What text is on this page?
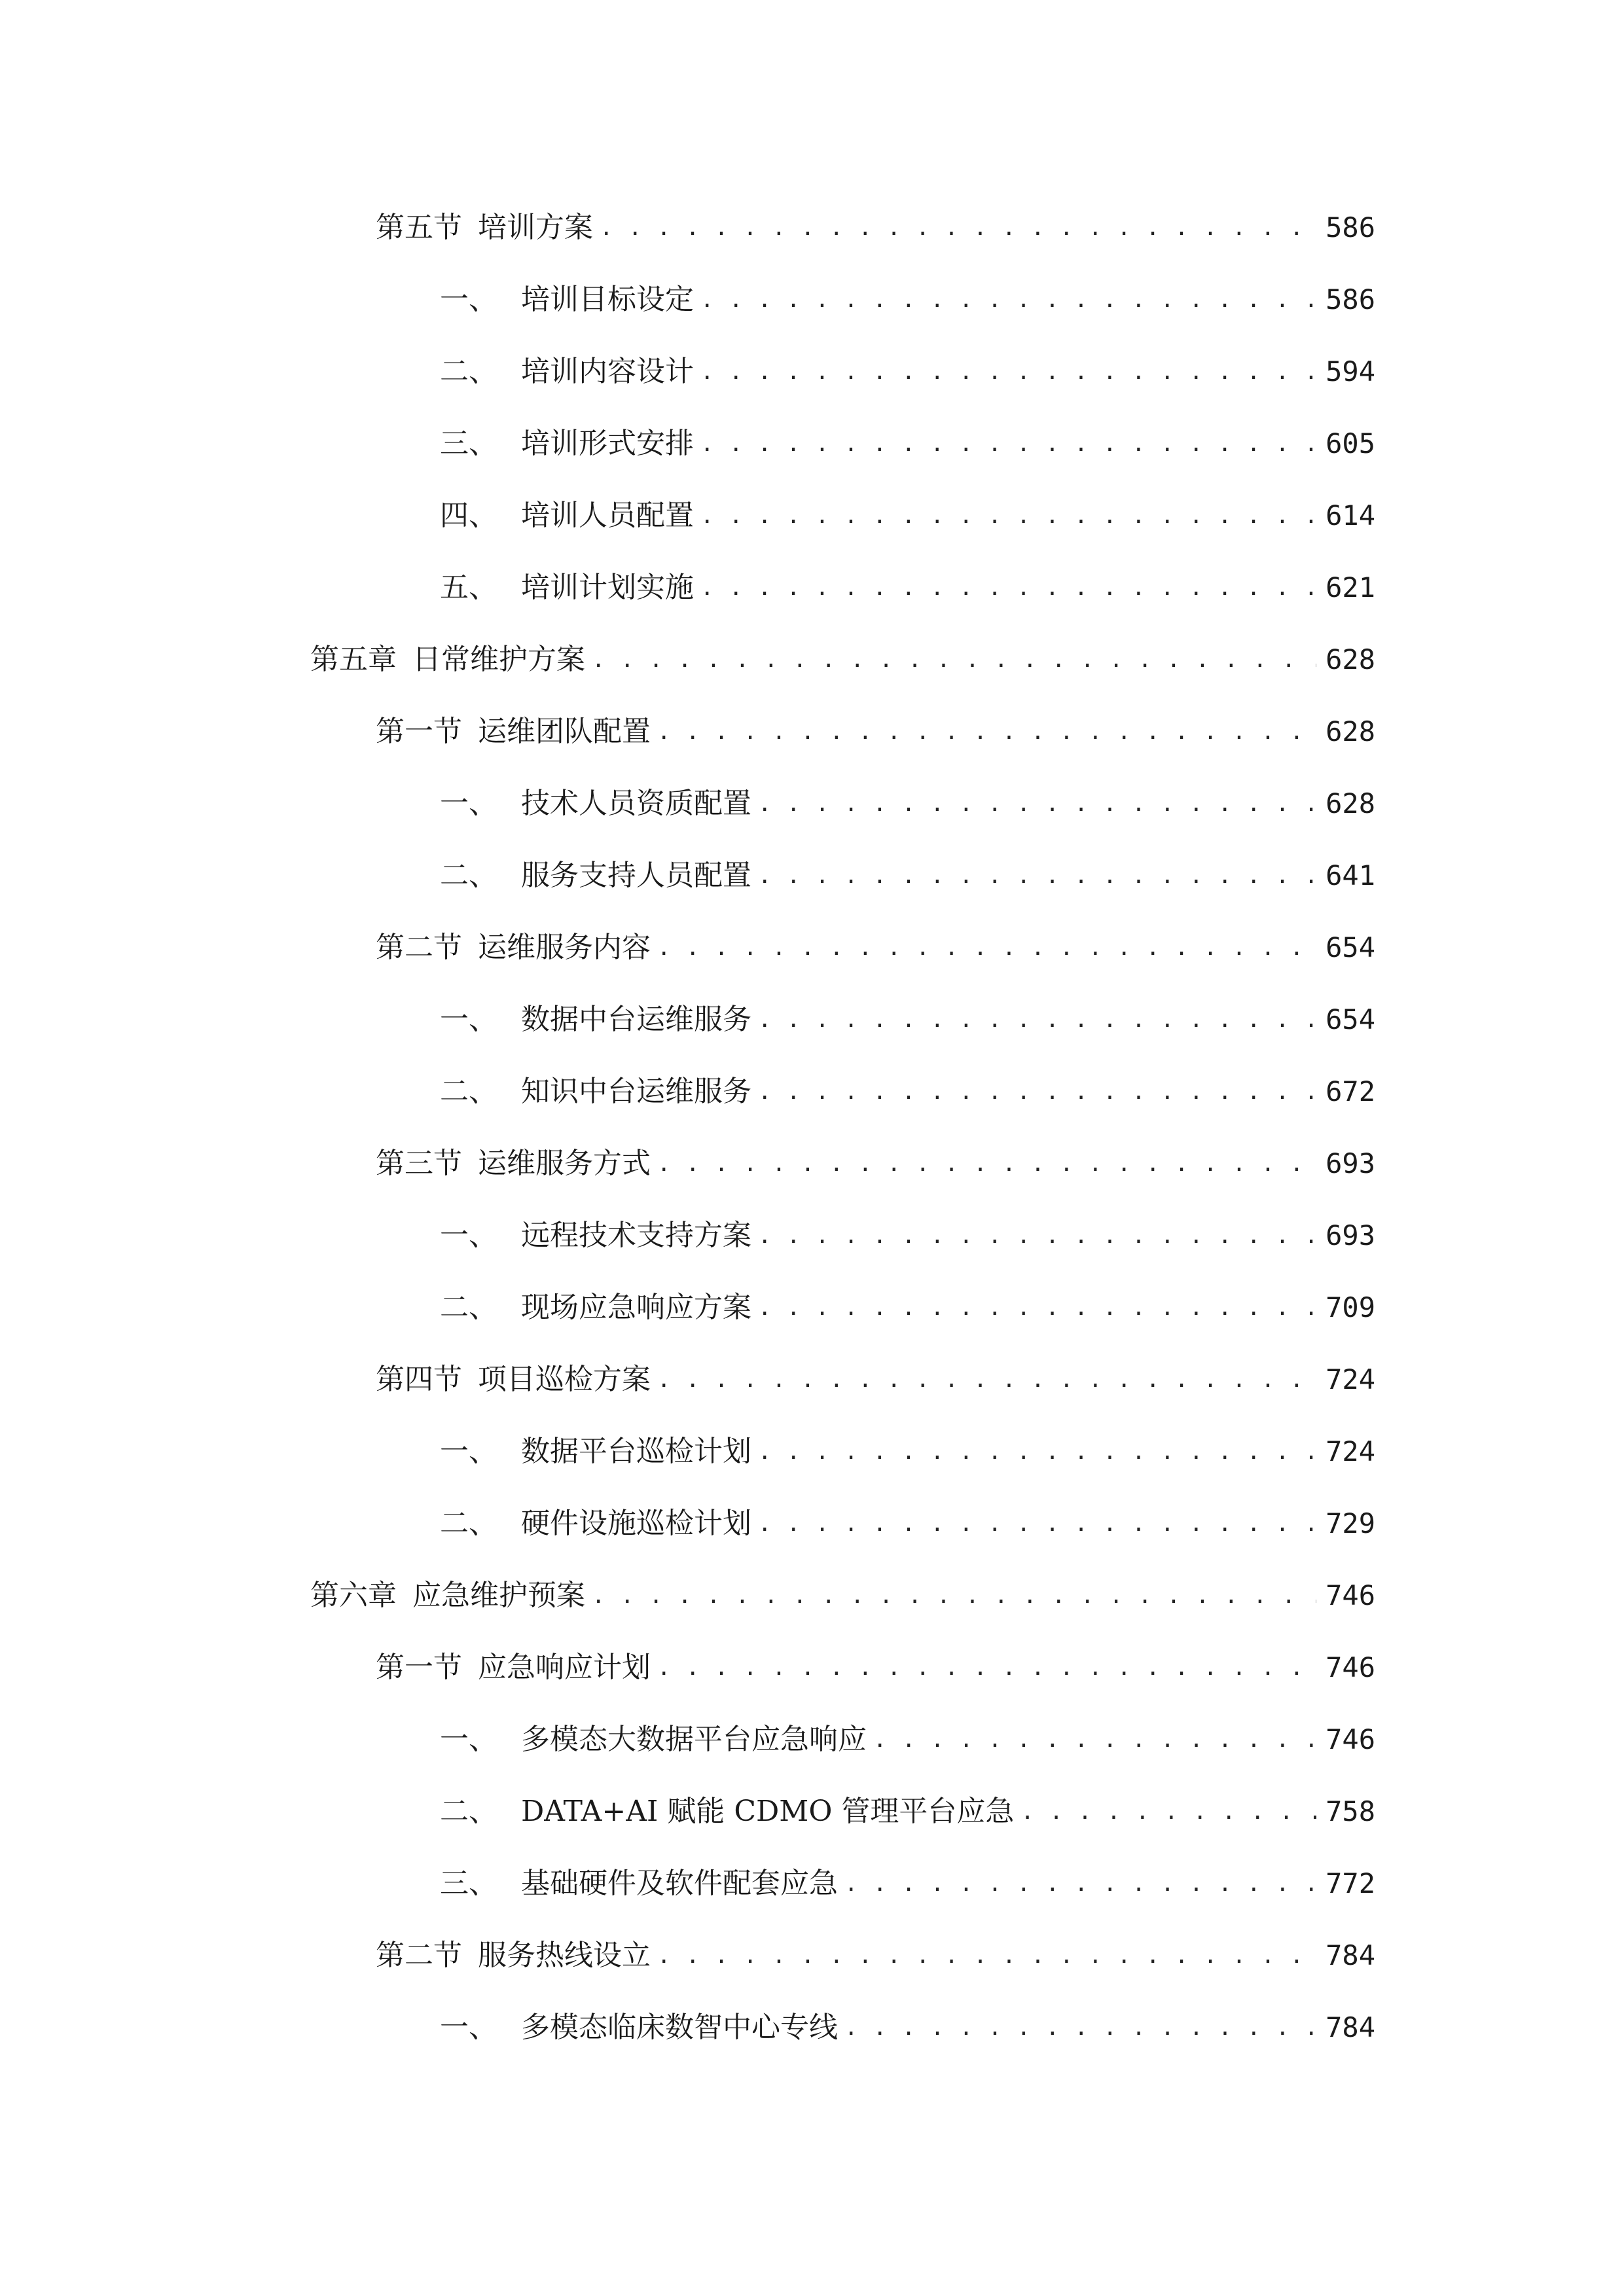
第五节 培训方案 . . .	586
一、 培训目标设定 . . .	586
二、 培训内容设计 . . .	594
三、 培训形式安排 . . .	605
四、 培训人员配置 . . .	614
五、 培训计划实施 . . .	621
第五章 日常维护方案 . . .	628
第一节 运维团队配置 . . .	628
一、 技术人员资质配置 . . .	628
二、 服务支持人员配置 . . .	641
第二节 运维服务内容 . . .	654
一、 数据中台运维服务 . . .	654
二、 知识中台运维服务 . . .	672
第三节 运维服务方式 . . .	693
一、 远程技术支持方案 . . .	693
二、 现场应急响应方案 . . .	709
第四节 项目巡检方案 . . .	724
一、 数据平台巡检计划 . . .	724
二、 硬件设施巡检计划 . . .	729
第六章 应急维护预案 . . .	746
第一节 应急响应计划 . . .	746
一、 多模态大数据平台应急响应 . . .	746
二、 DATA+AI 赋能 CDMO 管理平台应急 . . .	758
三、 基础硬件及软件配套应急 . . .	772
第二节 服务热线设立 . . .	784
一、 多模态临床数智中心专线 . . .	784
